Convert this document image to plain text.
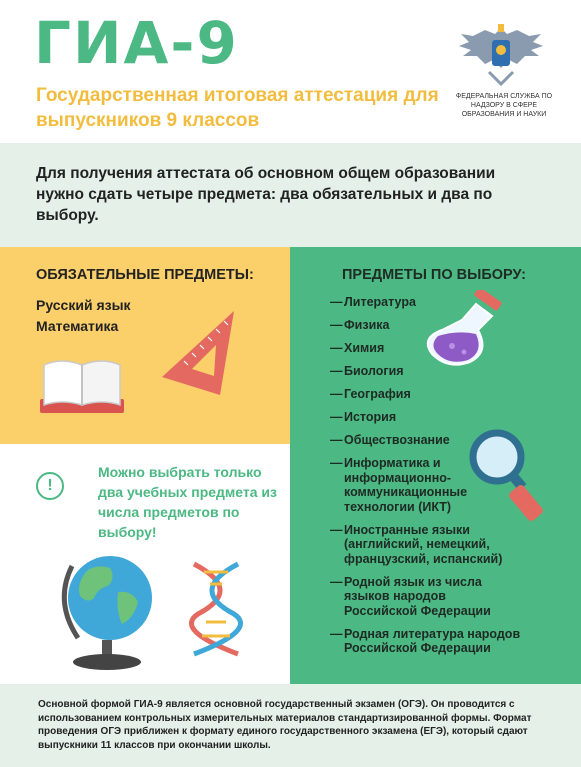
ГИА-9

Государственная итоговая аттестация для выпускников 9 классов

ФЕДЕРАЛЬНАЯ СЛУЖБА ПО НАДЗОРУ В СФЕРЕ ОБРАЗОВАНИЯ И НАУКИ

Для получения аттестата об основном общем образовании нужно сдать четыре предмета: два обязательных и два по выбору.

ОБЯЗАТЕЛЬНЫЕ ПРЕДМЕТЫ:
Русский язык
Математика
!

Можно выбрать только два учебных предмета из числа предметов по выбору!

ПРЕДМЕТЫ ПО ВЫБОРУ:
— Литература
— Физика
— Химия
— Биология
— География
— История
— Обществознание
— Информатика и информационно-коммуникационные технологии (ИКТ)
— Иностранные языки (английский, немецкий, французский, испанский)
— Родной язык из числа языков народов Российской Федерации
— Родная литература народов Российской Федерации

Основной формой ГИА-9 является основной государственный экзамен (ОГЭ). Он проводится с использованием контрольных измерительных материалов стандартизированной формы. Формат проведения ОГЭ приближен к формату единого государственного экзамена (ЕГЭ), который сдают выпускники 11 классов при окончании школы.
